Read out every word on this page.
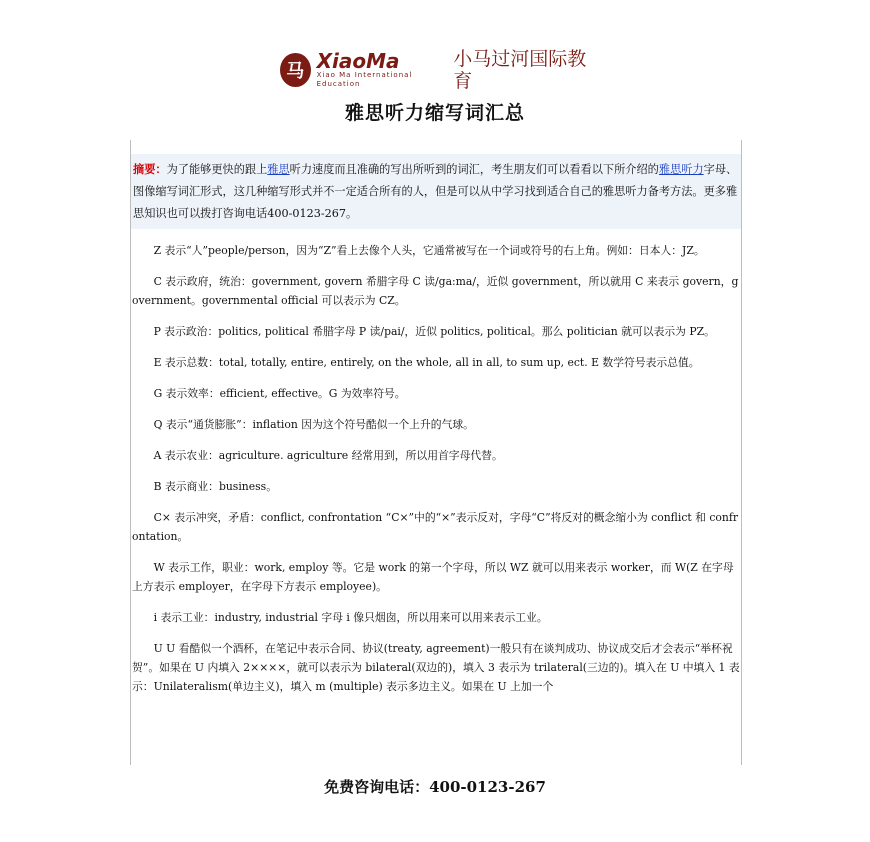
马 XiaoMa
Xiao Ma International Education
小马过河国际教育
雅思听力缩写词汇总
摘要：为了能够更快的跟上雅思听力速度而且准确的写出所听到的词汇，考生朋友们可以看看以下所介绍的雅思听力字母、图像缩写词汇形式，这几种缩写形式并不一定适合所有的人，但是可以从中学习找到适合自己的雅思听力备考方法。更多雅思知识也可以拨打咨询电话400-0123-267。

Z 表示“人”people/person，因为“Z”看上去像个人头，它通常被写在一个词或符号的右上角。例如：日本人：JZ。

C 表示政府，统治：government, govern 希腊字母 C 读/ga:ma/，近似 government，所以就用 C 来表示 govern，government。governmental official 可以表示为 CZ。

P 表示政治：politics, political 希腊字母 P 读/pai/，近似 politics, political。那么 politician 就可以表示为 PZ。

E 表示总数：total, totally, entire, entirely, on the whole, all in all, to sum up, ect. E 数学符号表示总值。

G 表示效率：efficient, effective。G 为效率符号。

Q 表示“通货膨胀”：inflation 因为这个符号酷似一个上升的气球。

A 表示农业：agriculture. agriculture 经常用到，所以用首字母代替。

B 表示商业：business。

C× 表示冲突，矛盾：conflict, confrontation “C×”中的“×”表示反对，字母“C”将反对的概念缩小为 conflict 和 confrontation。

W 表示工作，职业：work, employ 等。它是 work 的第一个字母，所以 WZ 就可以用来表示 worker，而 W(Z 在字母上方表示 employer，在字母下方表示 employee)。

i 表示工业：industry, industrial 字母 i 像只烟囱，所以用来可以用来表示工业。

U U 看酷似一个酒杯，在笔记中表示合同、协议(treaty, agreement)一般只有在谈判成功、协议成交后才会表示“举杯祝贺”。如果在 U 内填入 2××××，就可以表示为 bilateral(双边的)，填入 3 表示为 trilateral(三边的)。填入在 U 中填入 1 表示：Unilateralism(单边主义)，填入 m (multiple) 表示多边主义。如果在 U 上加一个

免费咨询电话：400-0123-267
